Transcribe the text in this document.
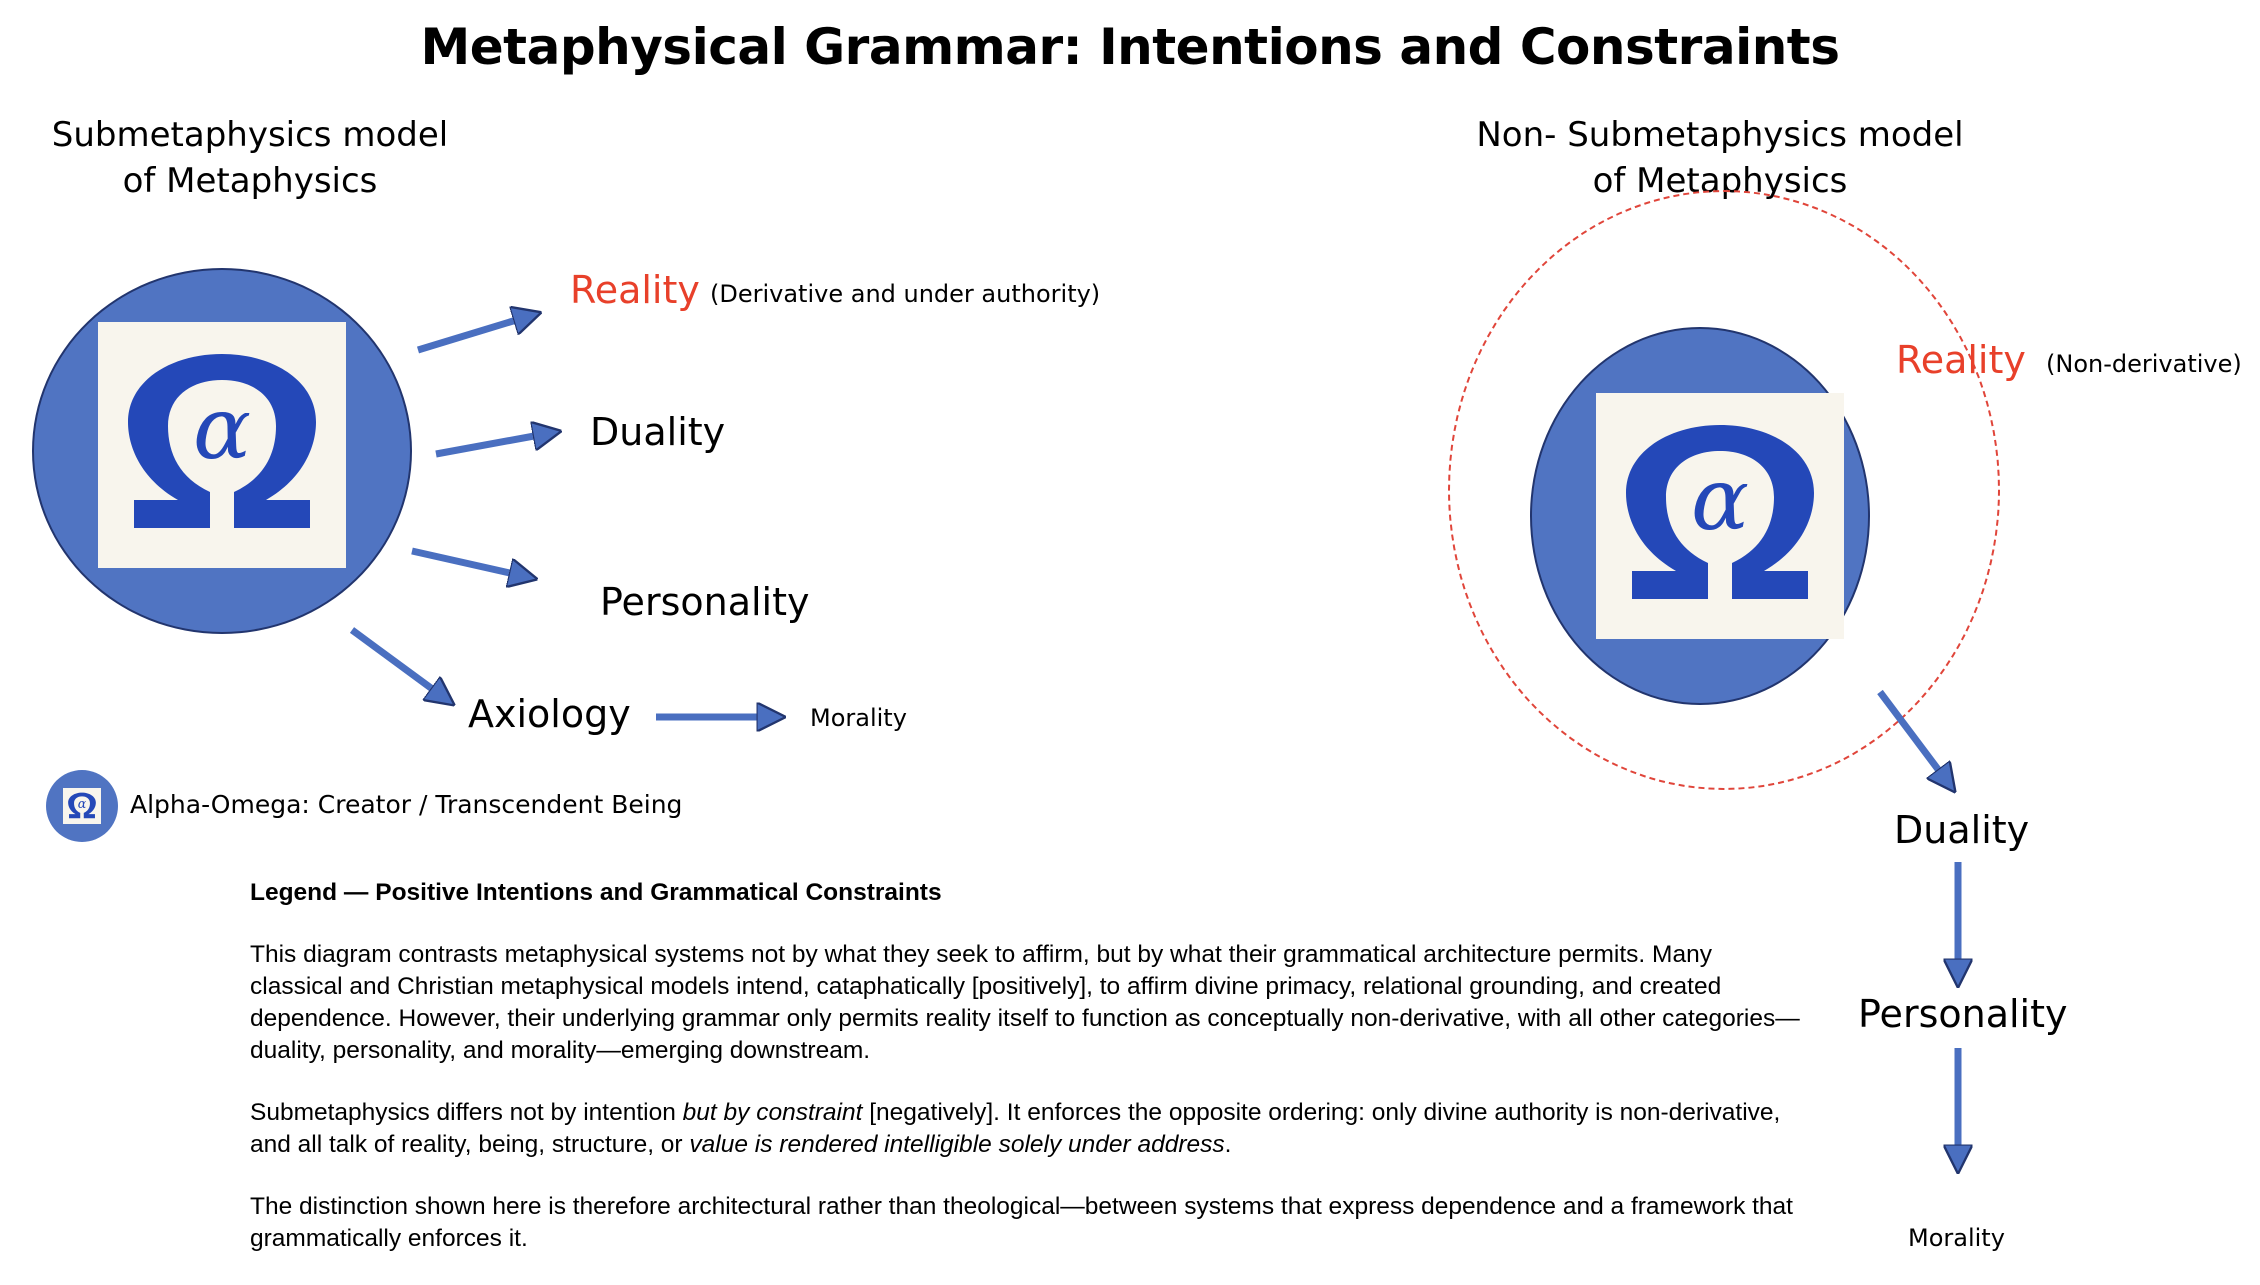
Metaphysical Grammar: Intentions and Constraints
Submetaphysics model
of Metaphysics
Non- Submetaphysics model
of Metaphysics
α
α
Reality (Derivative and under authority)
Duality
Personality
Axiology	Morality
Reality (Non-derivative)
Duality
Personality
Morality
α Alpha-Omega: Creator / Transcendent Being
Legend — Positive Intentions and Grammatical Constraints
This diagram contrasts metaphysical systems not by what they seek to affirm, but by what their grammatical architecture permits. Many classical and Christian metaphysical models intend, cataphatically [positively], to affirm divine primacy, relational grounding, and created dependence. However, their underlying grammar only permits reality itself to function as conceptually non-derivative, with all other categories—duality, personality, and morality—emerging downstream.
Submetaphysics differs not by intention but by constraint [negatively]. It enforces the opposite ordering: only divine authority is non-derivative, and all talk of reality, being, structure, or value is rendered intelligible solely under address.
The distinction shown here is therefore architectural rather than theological—between systems that express dependence and a framework that grammatically enforces it.
